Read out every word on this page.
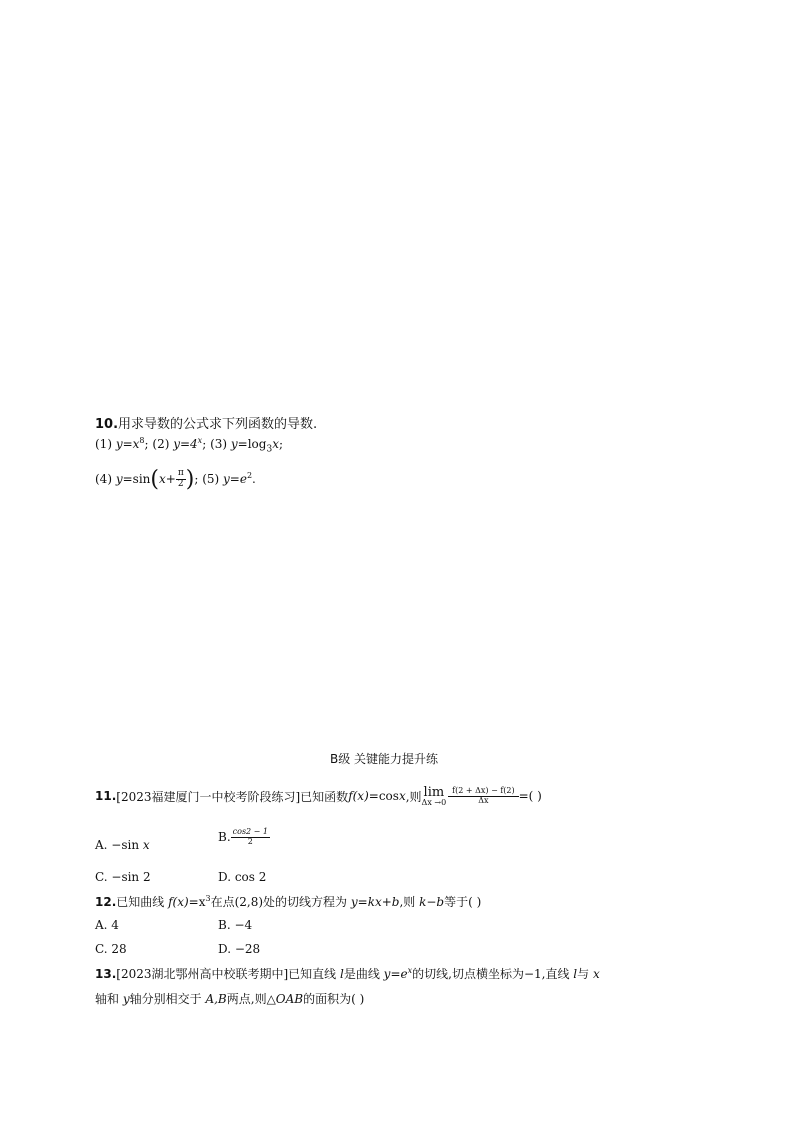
10.用求导数的公式求下列函数的导数.
(1) $y=x^8$; (2) $y=4^x$; (3) $y=\log_3x$;
(4) $y=\sin(x+ \frac{\pi}{2}$ ); (5) $y=e^2$.
B级 关键能力提升练
11. [2023福建厦门一中校考阶段练习] 已知函数 f(x) =cos x ,则 lim
$\Delta x \to 0 \frac{f(2 + \Delta x) - f(2)}{\Delta x}$ =( )
A. −sin x
B. $\frac{\cos 2 - 1}{2}$
C. −sin 2	D. cos 2
12.已知曲线 $f(x)=x^3$在点(2,8)处的切线方程为 y=kx+b,则 k−b等于( )
A. 4	B. −4
C. 28	D. −28
13.[2023湖北鄂州高中校联考期中]已知直线 l是曲线 $y=e^x$的切线,切点横坐标为−1,直线 l与 x
轴和 y轴分别相交于 A,B两点,则△OAB的面积为( )
